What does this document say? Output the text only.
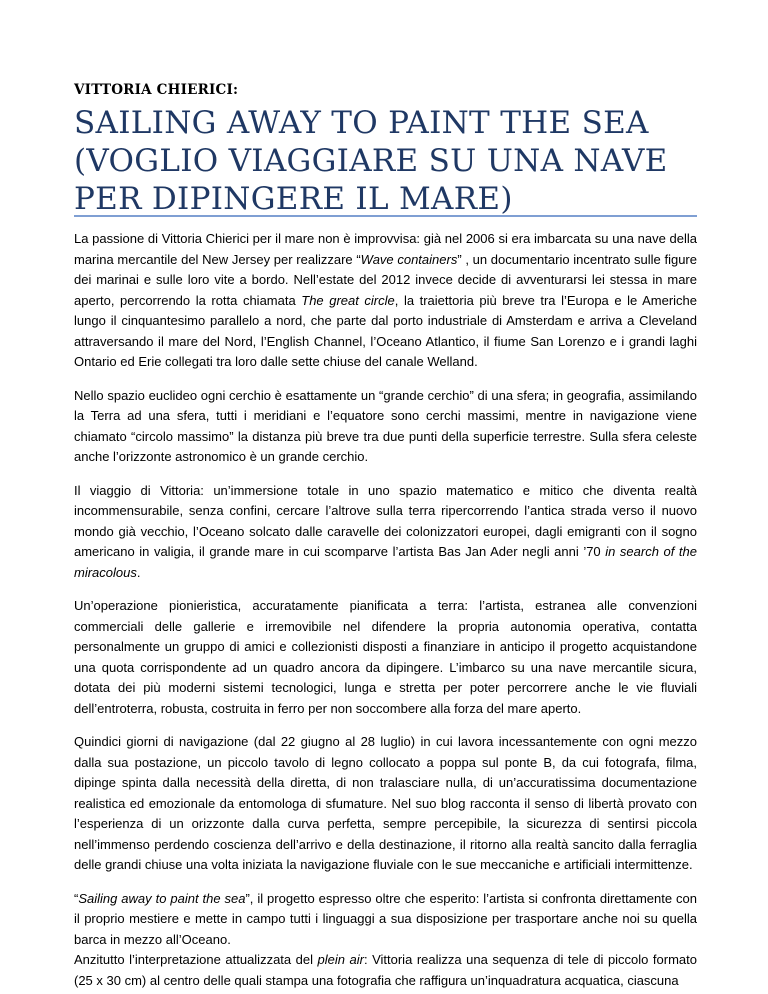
VITTORIA CHIERICI:
SAILING AWAY TO PAINT THE SEA (VOGLIO VIAGGIARE SU UNA NAVE PER DIPINGERE IL MARE)

La passione di Vittoria Chierici per il mare non è improvvisa: già nel 2006 si era imbarcata su una nave della marina mercantile del New Jersey per realizzare “Wave containers” , un documentario incentrato sulle figure dei marinai e sulle loro vite a bordo. Nell’estate del 2012 invece decide di avventurarsi lei stessa in mare aperto, percorrendo la rotta chiamata The great circle, la traiettoria più breve tra l’Europa e le Americhe lungo il cinquantesimo parallelo a nord, che parte dal porto industriale di Amsterdam e arriva a Cleveland attraversando il mare del Nord, l’English Channel, l’Oceano Atlantico, il fiume San Lorenzo e i grandi laghi Ontario ed Erie collegati tra loro dalle sette chiuse del canale Welland.

Nello spazio euclideo ogni cerchio è esattamente un “grande cerchio” di una sfera; in geografia, assimilando la Terra ad una sfera, tutti i meridiani e l’equatore sono cerchi massimi, mentre in navigazione viene chiamato “circolo massimo” la distanza più breve tra due punti della superficie terrestre. Sulla sfera celeste anche l’orizzonte astronomico è un grande cerchio.

Il viaggio di Vittoria: un’immersione totale in uno spazio matematico e mitico che diventa realtà incommensurabile, senza confini, cercare l’altrove sulla terra ripercorrendo l’antica strada verso il nuovo mondo già vecchio, l’Oceano solcato dalle caravelle dei colonizzatori europei, dagli emigranti con il sogno americano in valigia, il grande mare in cui scomparve l’artista Bas Jan Ader negli anni ’70 in search of the miracolous.

Un’operazione pionieristica, accuratamente pianificata a terra: l’artista, estranea alle convenzioni commerciali delle gallerie e irremovibile nel difendere la propria autonomia operativa, contatta personalmente un gruppo di amici e collezionisti disposti a finanziare in anticipo il progetto acquistandone una quota corrispondente ad un quadro ancora da dipingere. L’imbarco su una nave mercantile sicura, dotata dei più moderni sistemi tecnologici, lunga e stretta per poter percorrere anche le vie fluviali dell’entroterra, robusta, costruita in ferro per non soccombere alla forza del mare aperto.

Quindici giorni di navigazione (dal 22 giugno al 28 luglio) in cui lavora incessantemente con ogni mezzo dalla sua postazione, un piccolo tavolo di legno collocato a poppa sul ponte B, da cui fotografa, filma, dipinge spinta dalla necessità della diretta, di non tralasciare nulla, di un’accuratissima documentazione realistica ed emozionale da entomologa di sfumature. Nel suo blog racconta il senso di libertà provato con l’esperienza di un orizzonte dalla curva perfetta, sempre percepibile, la sicurezza di sentirsi piccola nell’immenso perdendo coscienza dell’arrivo e della destinazione, il ritorno alla realtà sancito dalla ferraglia delle grandi chiuse una volta iniziata la navigazione fluviale con le sue meccaniche e artificiali intermittenze.

“Sailing away to paint the sea”, il progetto espresso oltre che esperito: l’artista si confronta direttamente con il proprio mestiere e mette in campo tutti i linguaggi a sua disposizione per trasportare anche noi su quella barca in mezzo all’Oceano.

Anzitutto l’interpretazione attualizzata del plein air: Vittoria realizza una sequenza di tele di piccolo formato (25 x 30 cm) al centro delle quali stampa una fotografia che raffigura un’inquadratura acquatica, ciascuna
